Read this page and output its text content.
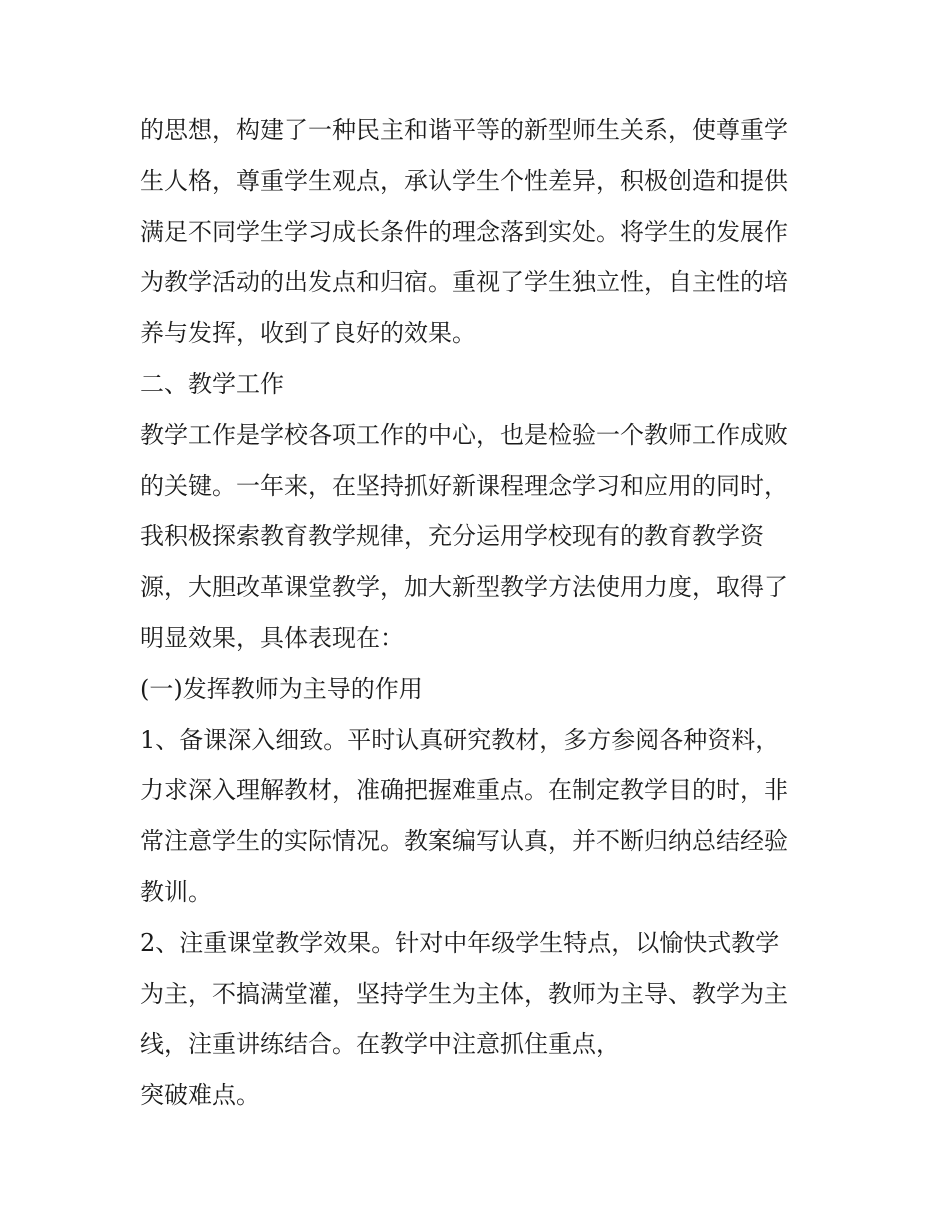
的思想，构建了一种民主和谐平等的新型师生关系，使尊重学
生人格，尊重学生观点，承认学生个性差异，积极创造和提供
满足不同学生学习成长条件的理念落到实处。将学生的发展作
为教学活动的出发点和归宿。重视了学生独立性，自主性的培
养与发挥，收到了良好的效果。
二、教学工作
教学工作是学校各项工作的中心，也是检验一个教师工作成败
的关键。一年来，在坚持抓好新课程理念学习和应用的同时，
我积极探索教育教学规律，充分运用学校现有的教育教学资
源，大胆改革课堂教学，加大新型教学方法使用力度，取得了
明显效果，具体表现在：
(一)发挥教师为主导的作用
1、备课深入细致。平时认真研究教材，多方参阅各种资料，
力求深入理解教材，准确把握难重点。在制定教学目的时，非
常注意学生的实际情况。教案编写认真，并不断归纳总结经验
教训。
2、注重课堂教学效果。针对中年级学生特点，以愉快式教学
为主，不搞满堂灌，坚持学生为主体，教师为主导、教学为主
线，注重讲练结合。在教学中注意抓住重点，
突破难点。
